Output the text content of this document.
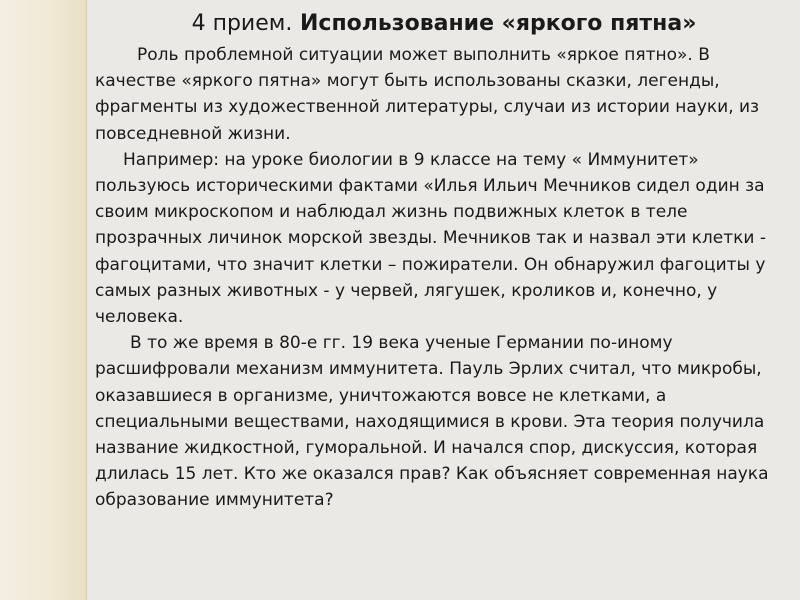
4 прием. Использование «яркого пятна»

Роль проблемной ситуации может выполнить «яркое пятно». В качестве «яркого пятна» могут быть использованы сказки, легенды, фрагменты из художественной литературы, случаи из истории науки, из повседневной жизни.

Например: на уроке биологии в 9 классе на тему « Иммунитет» пользуюсь историческими фактами «Илья Ильич Мечников сидел один за своим микроскопом и наблюдал жизнь подвижных клеток в теле прозрачных личинок морской звезды. Мечников так и назвал эти клетки - фагоцитами, что значит клетки – пожиратели. Он обнаружил фагоциты у самых разных животных - у червей, лягушек, кроликов и, конечно, у человека.

В то же время в 80-е гг. 19 века ученые Германии по-иному расшифровали механизм иммунитета. Пауль Эрлих считал, что микробы, оказавшиеся в организме, уничтожаются вовсе не клетками, а специальными веществами, находящимися в крови. Эта теория получила название жидкостной, гуморальной. И начался спор, дискуссия, которая длилась 15 лет. Кто же оказался прав? Как объясняет современная наука образование иммунитета?
